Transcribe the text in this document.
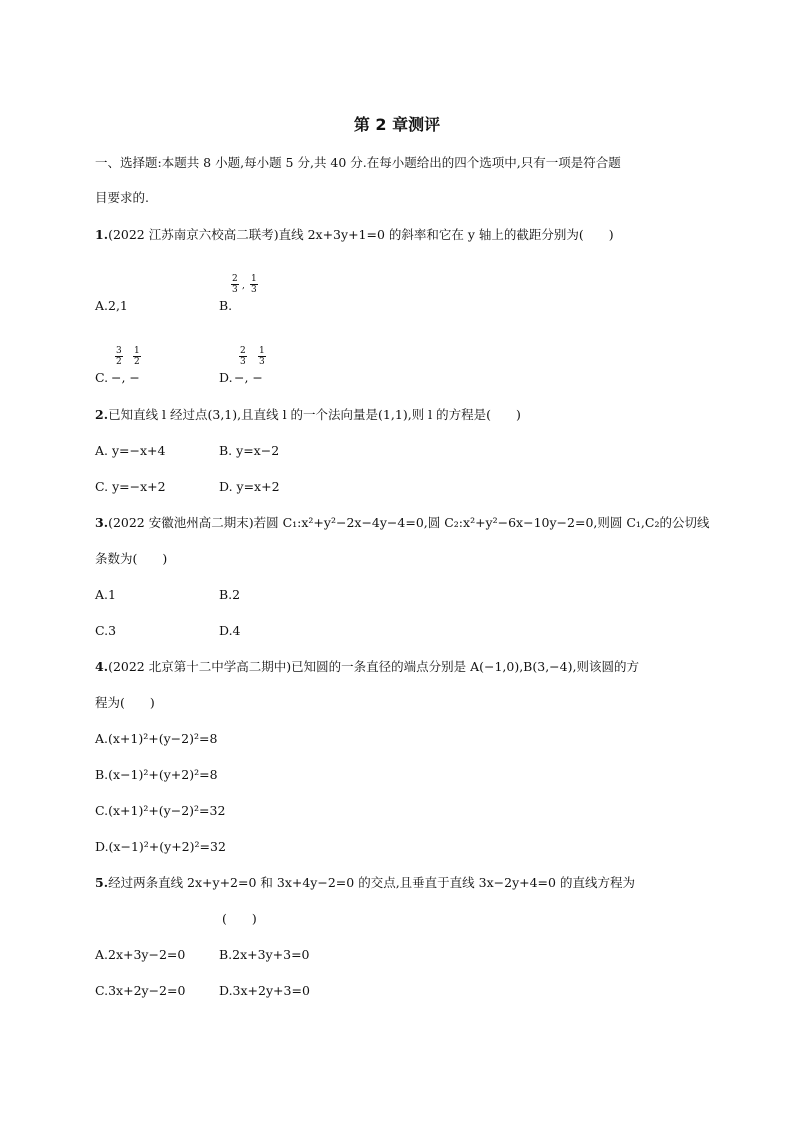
第 2 章测评
一、选择题:本题共 8 小题,每小题 5 分,共 40 分.在每小题给出的四个选项中,只有一项是符合题
目要求的.
1.(2022 江苏南京六校高二联考)直线 2x+3y+1=0 的斜率和它在 y 轴上的截距分别为(　　)
A.2,1	B.
$\frac{2}{3}$ , $\frac{1}{3}$
C. −, −
$\frac{3}{2} \frac{1}{2}$
D. −, −
$\frac{2}{3} \frac{1}{3}$
2.已知直线 l 经过点(3,1),且直线 l 的一个法向量是(1,1),则 l 的方程是(　　)
A. y=−x+4	B. y=x−2
C. y=−x+2	D. y=x+2
3.(2022 安徽池州高二期末)若圆 C₁:x²+y²−2x−4y−4=0,圆 C₂:x²+y²−6x−10y−2=0,则圆 C₁,C₂的公切线
条数为(　　)
A.1	B.2
C.3	D.4
4.(2022 北京第十二中学高二期中)已知圆的一条直径的端点分别是 A(−1,0),B(3,−4),则该圆的方
程为(　　)
A.(x+1)²+(y−2)²=8
B.(x−1)²+(y+2)²=8
C.(x+1)²+(y−2)²=32
D.(x−1)²+(y+2)²=32
5.经过两条直线 2x+y+2=0 和 3x+4y−2=0 的交点,且垂直于直线 3x−2y+4=0 的直线方程为
(　　)
A.2x+3y−2=0	B.2x+3y+3=0
C.3x+2y−2=0	D.3x+2y+3=0
